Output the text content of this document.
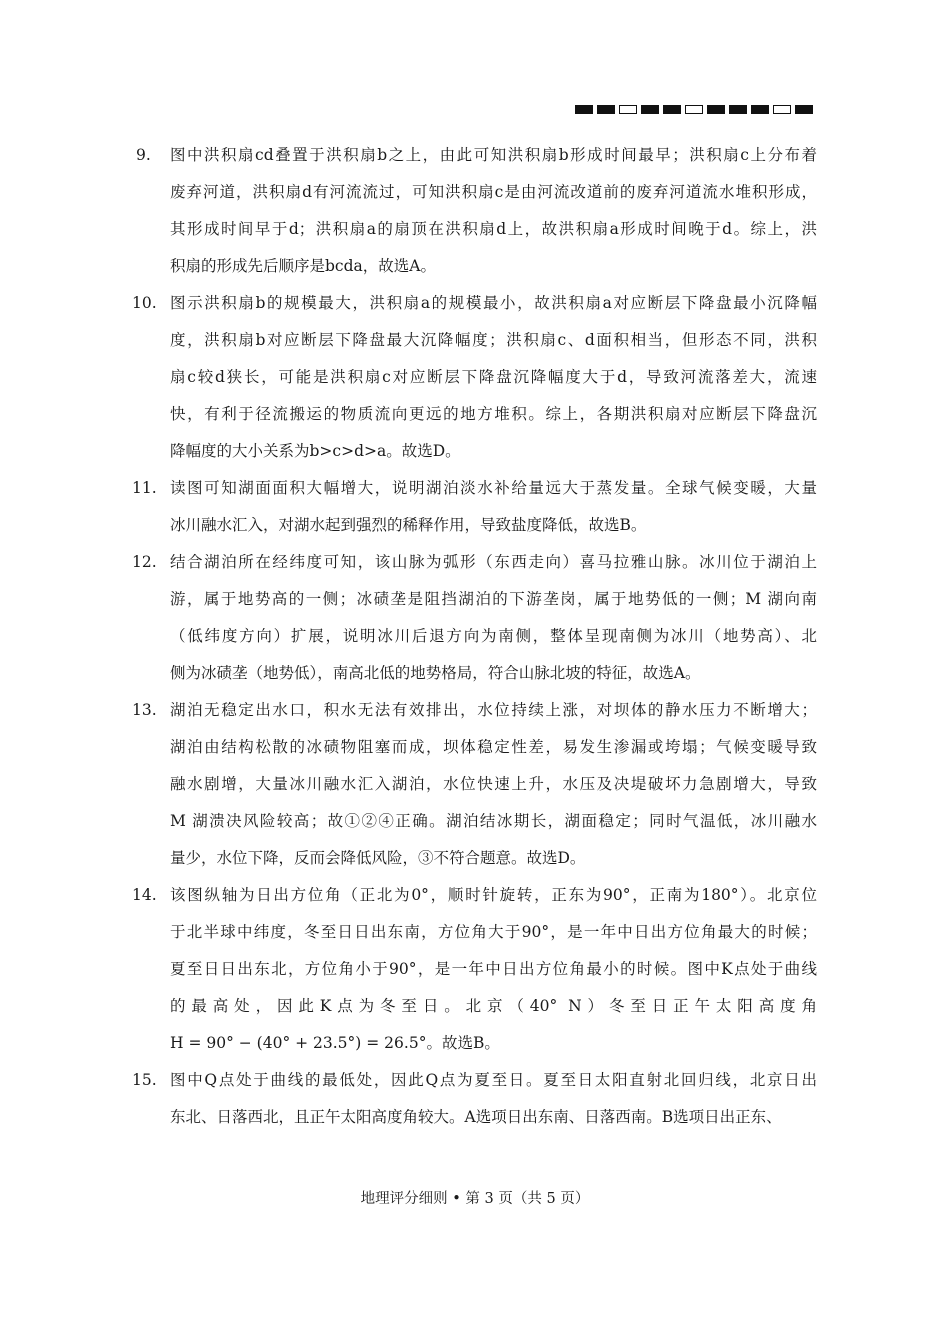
9. 图中洪积扇cd叠置于洪积扇b之上，由此可知洪积扇b形成时间最早；洪积扇c上分布着
废弃河道，洪积扇d有河流流过，可知洪积扇c是由河流改道前的废弃河道流水堆积形成，
其形成时间早于d；洪积扇a的扇顶在洪积扇d上，故洪积扇a形成时间晚于d。综上，洪
积扇的形成先后顺序是bcda，故选A。
10. 图示洪积扇b的规模最大，洪积扇a的规模最小，故洪积扇a对应断层下降盘最小沉降幅
度，洪积扇b对应断层下降盘最大沉降幅度；洪积扇c、d面积相当，但形态不同，洪积
扇c较d狭长，可能是洪积扇c对应断层下降盘沉降幅度大于d，导致河流落差大，流速
快，有利于径流搬运的物质流向更远的地方堆积。综上，各期洪积扇对应断层下降盘沉
降幅度的大小关系为b>c>d>a。故选D。
11. 读图可知湖面面积大幅增大，说明湖泊淡水补给量远大于蒸发量。全球气候变暖，大量
冰川融水汇入，对湖水起到强烈的稀释作用，导致盐度降低，故选B。
12. 结合湖泊所在经纬度可知，该山脉为弧形（东西走向）喜马拉雅山脉。冰川位于湖泊上
游，属于地势高的一侧；冰碛垄是阻挡湖泊的下游垄岗，属于地势低的一侧；M 湖向南
（低纬度方向）扩展，说明冰川后退方向为南侧，整体呈现南侧为冰川（地势高）、北
侧为冰碛垄（地势低），南高北低的地势格局，符合山脉北坡的特征，故选A。
13. 湖泊无稳定出水口，积水无法有效排出，水位持续上涨，对坝体的静水压力不断增大；
湖泊由结构松散的冰碛物阻塞而成，坝体稳定性差，易发生渗漏或垮塌；气候变暖导致
融水剧增，大量冰川融水汇入湖泊，水位快速上升，水压及决堤破坏力急剧增大，导致
M 湖溃决风险较高；故①②④正确。湖泊结冰期长，湖面稳定；同时气温低，冰川融水
量少，水位下降，反而会降低风险，③不符合题意。故选D。
14. 该图纵轴为日出方位角（正北为0°，顺时针旋转，正东为90°，正南为180°）。北京位
于北半球中纬度，冬至日日出东南，方位角大于90°，是一年中日出方位角最大的时候；
夏至日日出东北，方位角小于90°，是一年中日出方位角最小的时候。图中K点处于曲线
的最高处，因此K点为冬至日。北京（40° N）冬至日正午太阳高度角
H = 90° − (40° + 23.5°) = 26.5°。故选B。
15. 图中Q点处于曲线的最低处，因此Q点为夏至日。夏至日太阳直射北回归线，北京日出
东北、日落西北，且正午太阳高度角较大。A选项日出东南、日落西南。B选项日出正东、
地理评分细则 • 第 3 页（共 5 页）
